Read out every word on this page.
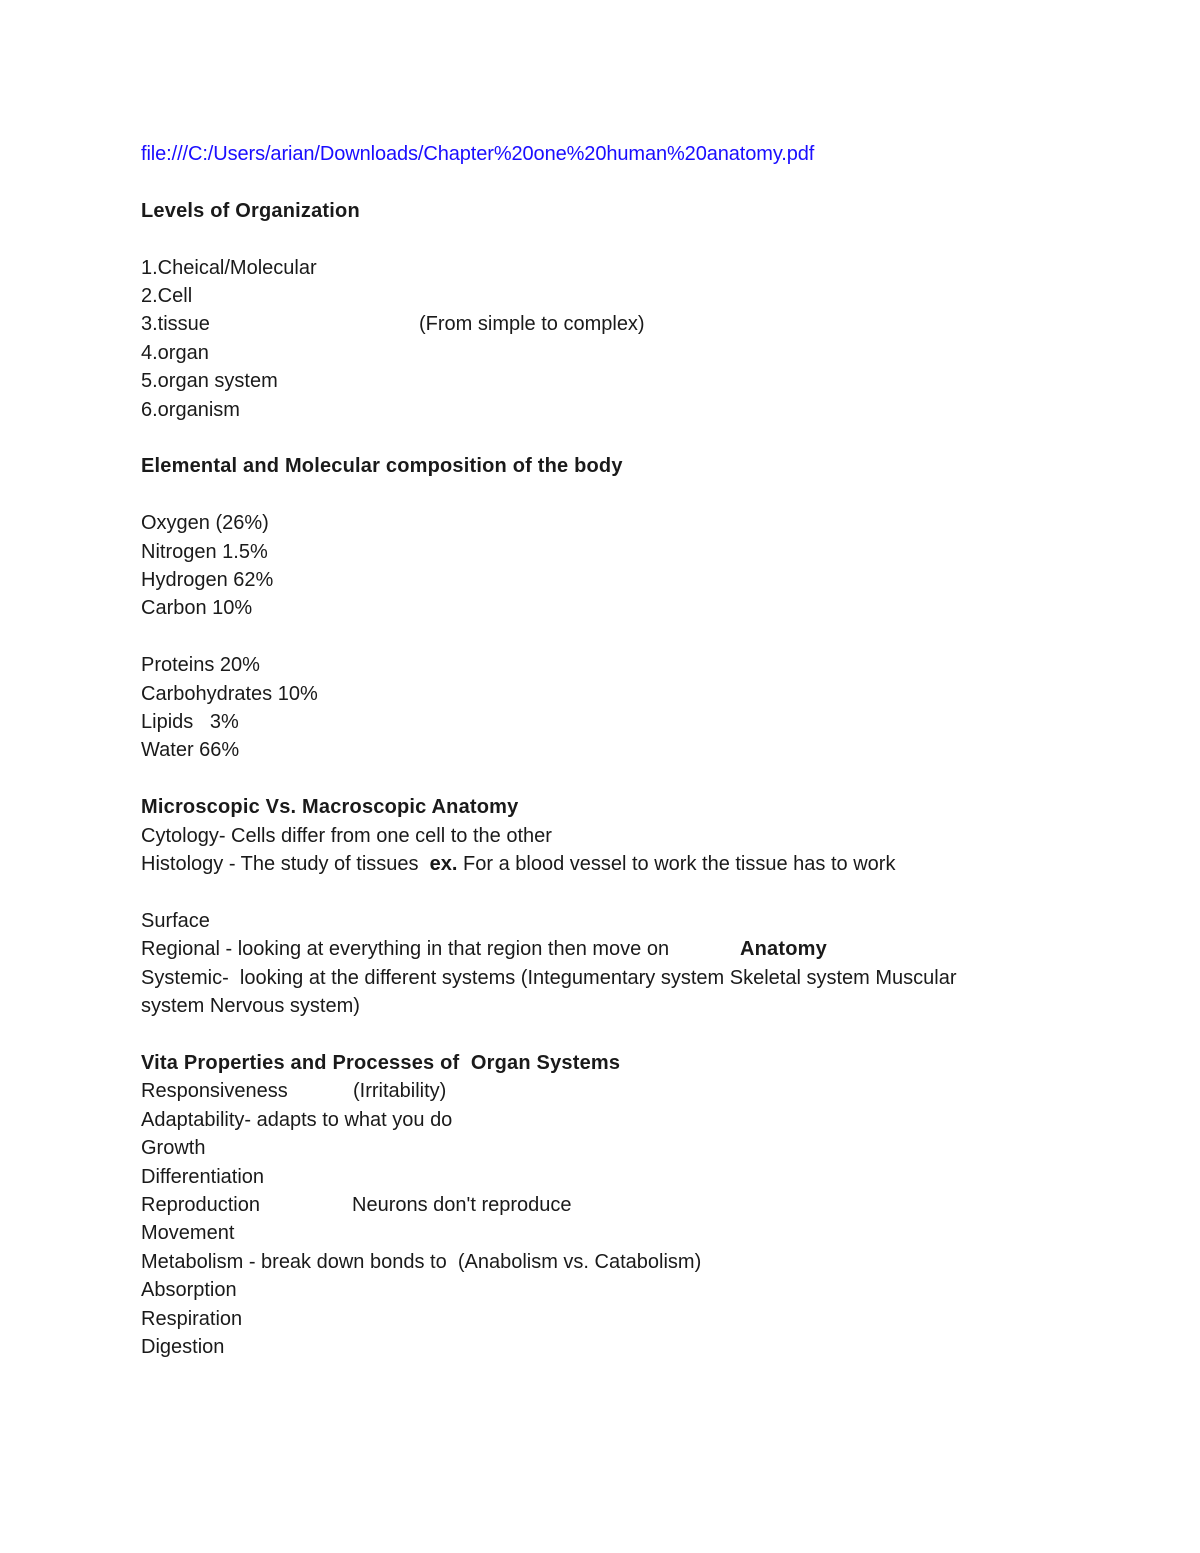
file:///C:/Users/arian/Downloads/Chapter%20one%20human%20anatomy.pdf
Levels of Organization
1.Cheical/Molecular
2.Cell
3.tissue	(From simple to complex)
4.organ
5.organ system
6.organism
Elemental and Molecular composition of the body
Oxygen (26%)
Nitrogen 1.5%
Hydrogen 62%
Carbon 10%
Proteins 20%
Carbohydrates 10%
Lipids   3%
Water 66%
Microscopic Vs. Macroscopic Anatomy
Cytology- Cells differ from one cell to the other
Histology - The study of tissues  ex. For a blood vessel to work the tissue has to work
Surface
Regional - looking at everything in that region then move on	Anatomy
Systemic-  looking at the different systems (Integumentary system Skeletal system Muscular
system Nervous system)
Vita Properties and Processes of  Organ Systems
Responsiveness	(Irritability)
Adaptability- adapts to what you do
Growth
Differentiation
Reproduction	Neurons don't reproduce
Movement
Metabolism - break down bonds to  (Anabolism vs. Catabolism)
Absorption
Respiration
Digestion
